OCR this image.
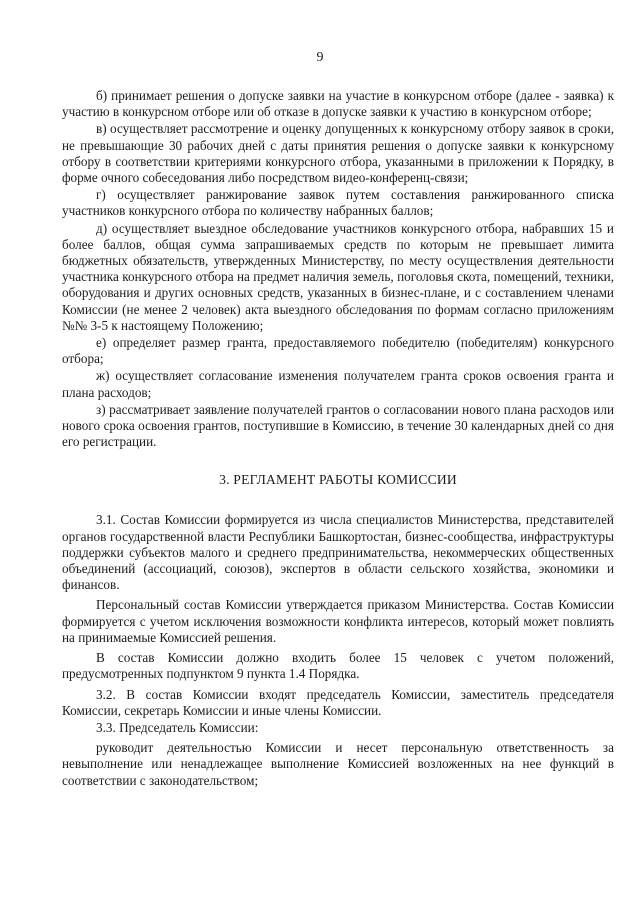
9

б) принимает решения о допуске заявки на участие в конкурсном отборе (далее - заявка) к участию в конкурсном отборе или об отказе в допуске заявки к участию в конкурсном отборе;

в) осуществляет рассмотрение и оценку допущенных к конкурсному отбору заявок в сроки, не превышающие 30 рабочих дней с даты принятия решения о допуске заявки к конкурсному отбору в соответствии критериями конкурсного отбора, указанными в приложении к Порядку, в форме очного собеседования либо посредством видео-конференц-связи;

г) осуществляет ранжирование заявок путем составления ранжированного списка участников конкурсного отбора по количеству набранных баллов;

д) осуществляет выездное обследование участников конкурсного отбора, набравших 15 и более баллов, общая сумма запрашиваемых средств по которым не превышает лимита бюджетных обязательств, утвержденных Министерству, по месту осуществления деятельности участника конкурсного отбора на предмет наличия земель, поголовья скота, помещений, техники, оборудования и других основных средств, указанных в бизнес-плане, и с составлением членами Комиссии (не менее 2 человек) акта выездного обследования по формам согласно приложениям №№ 3-5 к настоящему Положению;

е) определяет размер гранта, предоставляемого победителю (победителям) конкурсного отбора;

ж) осуществляет согласование изменения получателем гранта сроков освоения гранта и плана расходов;

з) рассматривает заявление получателей грантов о согласовании нового плана расходов или нового срока освоения грантов, поступившие в Комиссию, в течение 30 календарных дней со дня его регистрации.

3. РЕГЛАМЕНТ РАБОТЫ КОМИССИИ

3.1. Состав Комиссии формируется из числа специалистов Министерства, представителей органов государственной власти Республики Башкортостан, бизнес-сообщества, инфраструктуры поддержки субъектов малого и среднего предпринимательства, некоммерческих общественных объединений (ассоциаций, союзов), экспертов в области сельского хозяйства, экономики и финансов.

Персональный состав Комиссии утверждается приказом Министерства. Состав Комиссии формируется с учетом исключения возможности конфликта интересов, который может повлиять на принимаемые Комиссией решения.

В состав Комиссии должно входить более 15 человек с учетом положений, предусмотренных подпунктом 9 пункта 1.4 Порядка.

3.2. В состав Комиссии входят председатель Комиссии, заместитель председателя Комиссии, секретарь Комиссии и иные члены Комиссии.

3.3. Председатель Комиссии:

руководит деятельностью Комиссии и несет персональную ответственность за невыполнение или ненадлежащее выполнение Комиссией возложенных на нее функций в соответствии с законодательством;
